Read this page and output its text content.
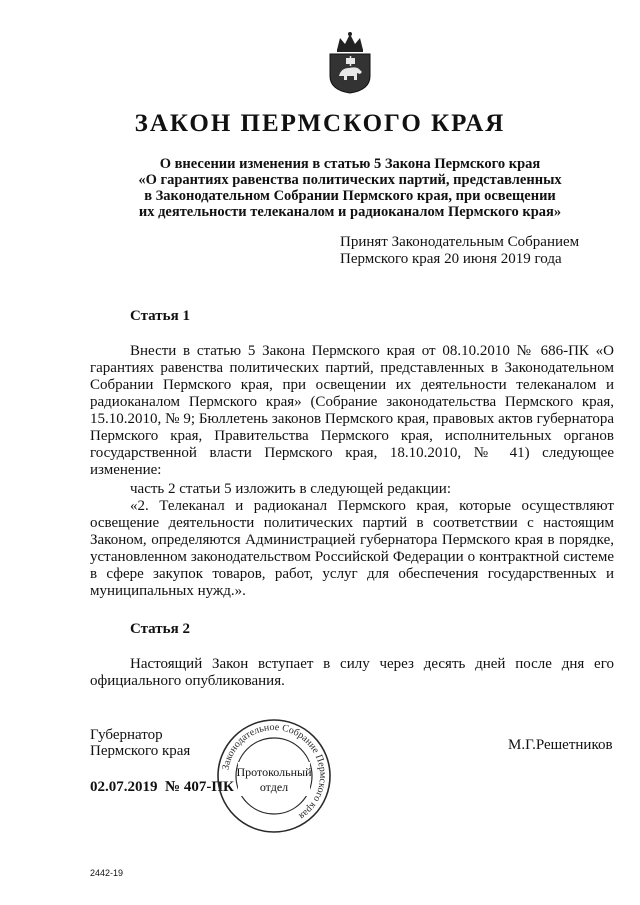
ЗАКОН ПЕРМСКОГО КРАЯ
О внесении изменения в статью 5 Закона Пермского края
«О гарантиях равенства политических партий, представленных
в Законодательном Собрании Пермского края, при освещении
их деятельности телеканалом и радиоканалом Пермского края»
Принят Законодательным Собранием
Пермского края 20 июня 2019 года
Статья 1

Внести в статью 5 Закона Пермского края от 08.10.2010 № 686-ПК «О гарантиях равенства политических партий, представленных в Законодательном Собрании Пермского края, при освещении их деятельности телеканалом и радиоканалом Пермского края» (Собрание законодательства Пермского края, 15.10.2010, № 9; Бюллетень законов Пермского края, правовых актов губернатора Пермского края, Правительства Пермского края, исполнительных органов государственной власти Пермского края, 18.10.2010, № 41) следующее изменение:

часть 2 статьи 5 изложить в следующей редакции:

«2. Телеканал и радиоканал Пермского края, которые осуществляют освещение деятельности политических партий в соответствии с настоящим Законом, определяются Администрацией губернатора Пермского края в порядке, установленном законодательством Российской Федерации о контрактной системе в сфере закупок товаров, работ, услуг для обеспечения государственных и муниципальных нужд.».

Статья 2

Настоящий Закон вступает в силу через десять дней после дня его официального опубликования.

Губернатор
Пермского края	М.Г.Решетников
02.07.2019  № 407-ПК
Законодательное Собрание Пермского края
Протокольный
отдел
2442-19
